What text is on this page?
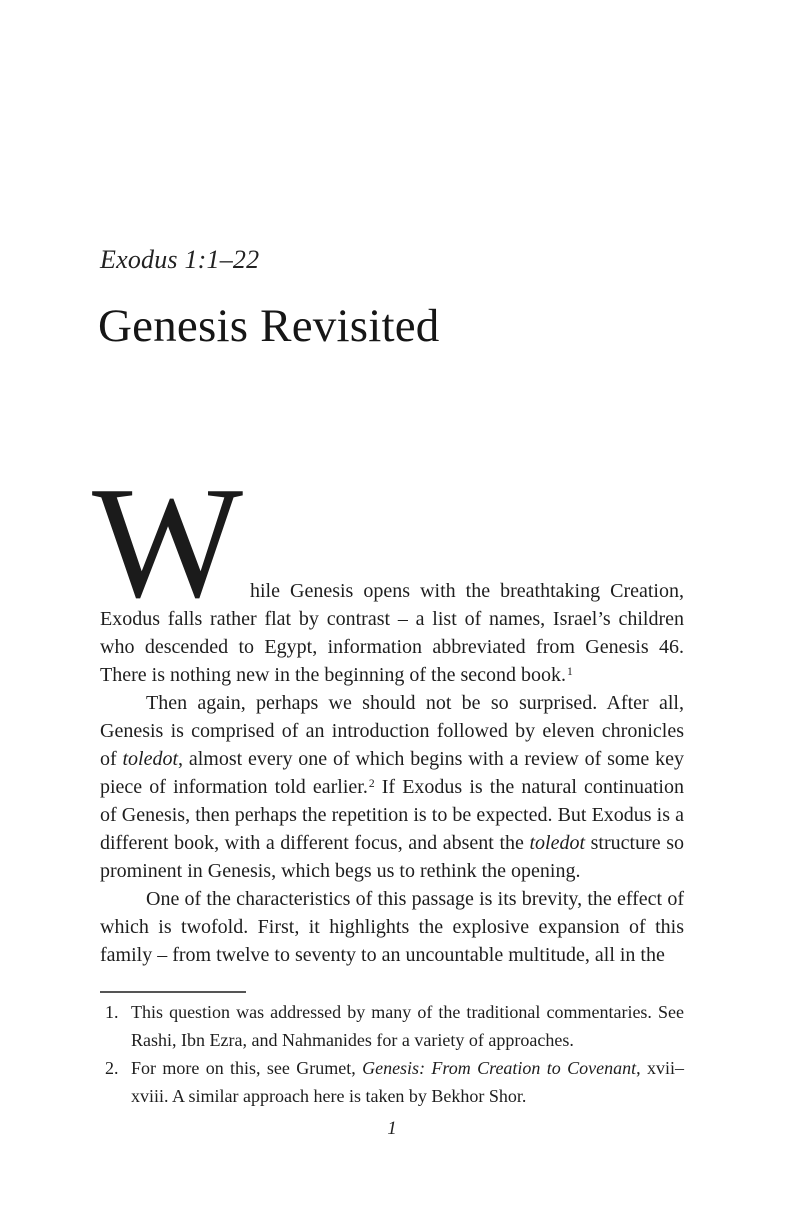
Exodus 1:1–22
Genesis Revisited

W hile Genesis opens with the breathtaking Creation, Exodus falls rather flat by contrast – a list of names, Israel’s children who descended to Egypt, information abbreviated from Genesis 46. There is nothing new in the beginning of the second book.$^1$

Then again, perhaps we should not be so surprised. After all, Genesis is comprised of an introduction followed by eleven chronicles of toledot, almost every one of which begins with a review of some key piece of information told earlier.$^2$ If Exodus is the natural continuation of Genesis, then perhaps the repetition is to be expected. But Exodus is a different book, with a different focus, and absent the toledot structure so prominent in Genesis, which begs us to rethink the opening.

One of the characteristics of this passage is its brevity, the effect of which is twofold. First, it highlights the explosive expansion of this family – from twelve to seventy to an uncountable multitude, all in the

1. This question was addressed by many of the traditional commentaries. See Rashi, Ibn Ezra, and Nahmanides for a variety of approaches.
2. For more on this, see Grumet, Genesis: From Creation to Covenant, xvii–xviii. A similar approach here is taken by Bekhor Shor.
1
